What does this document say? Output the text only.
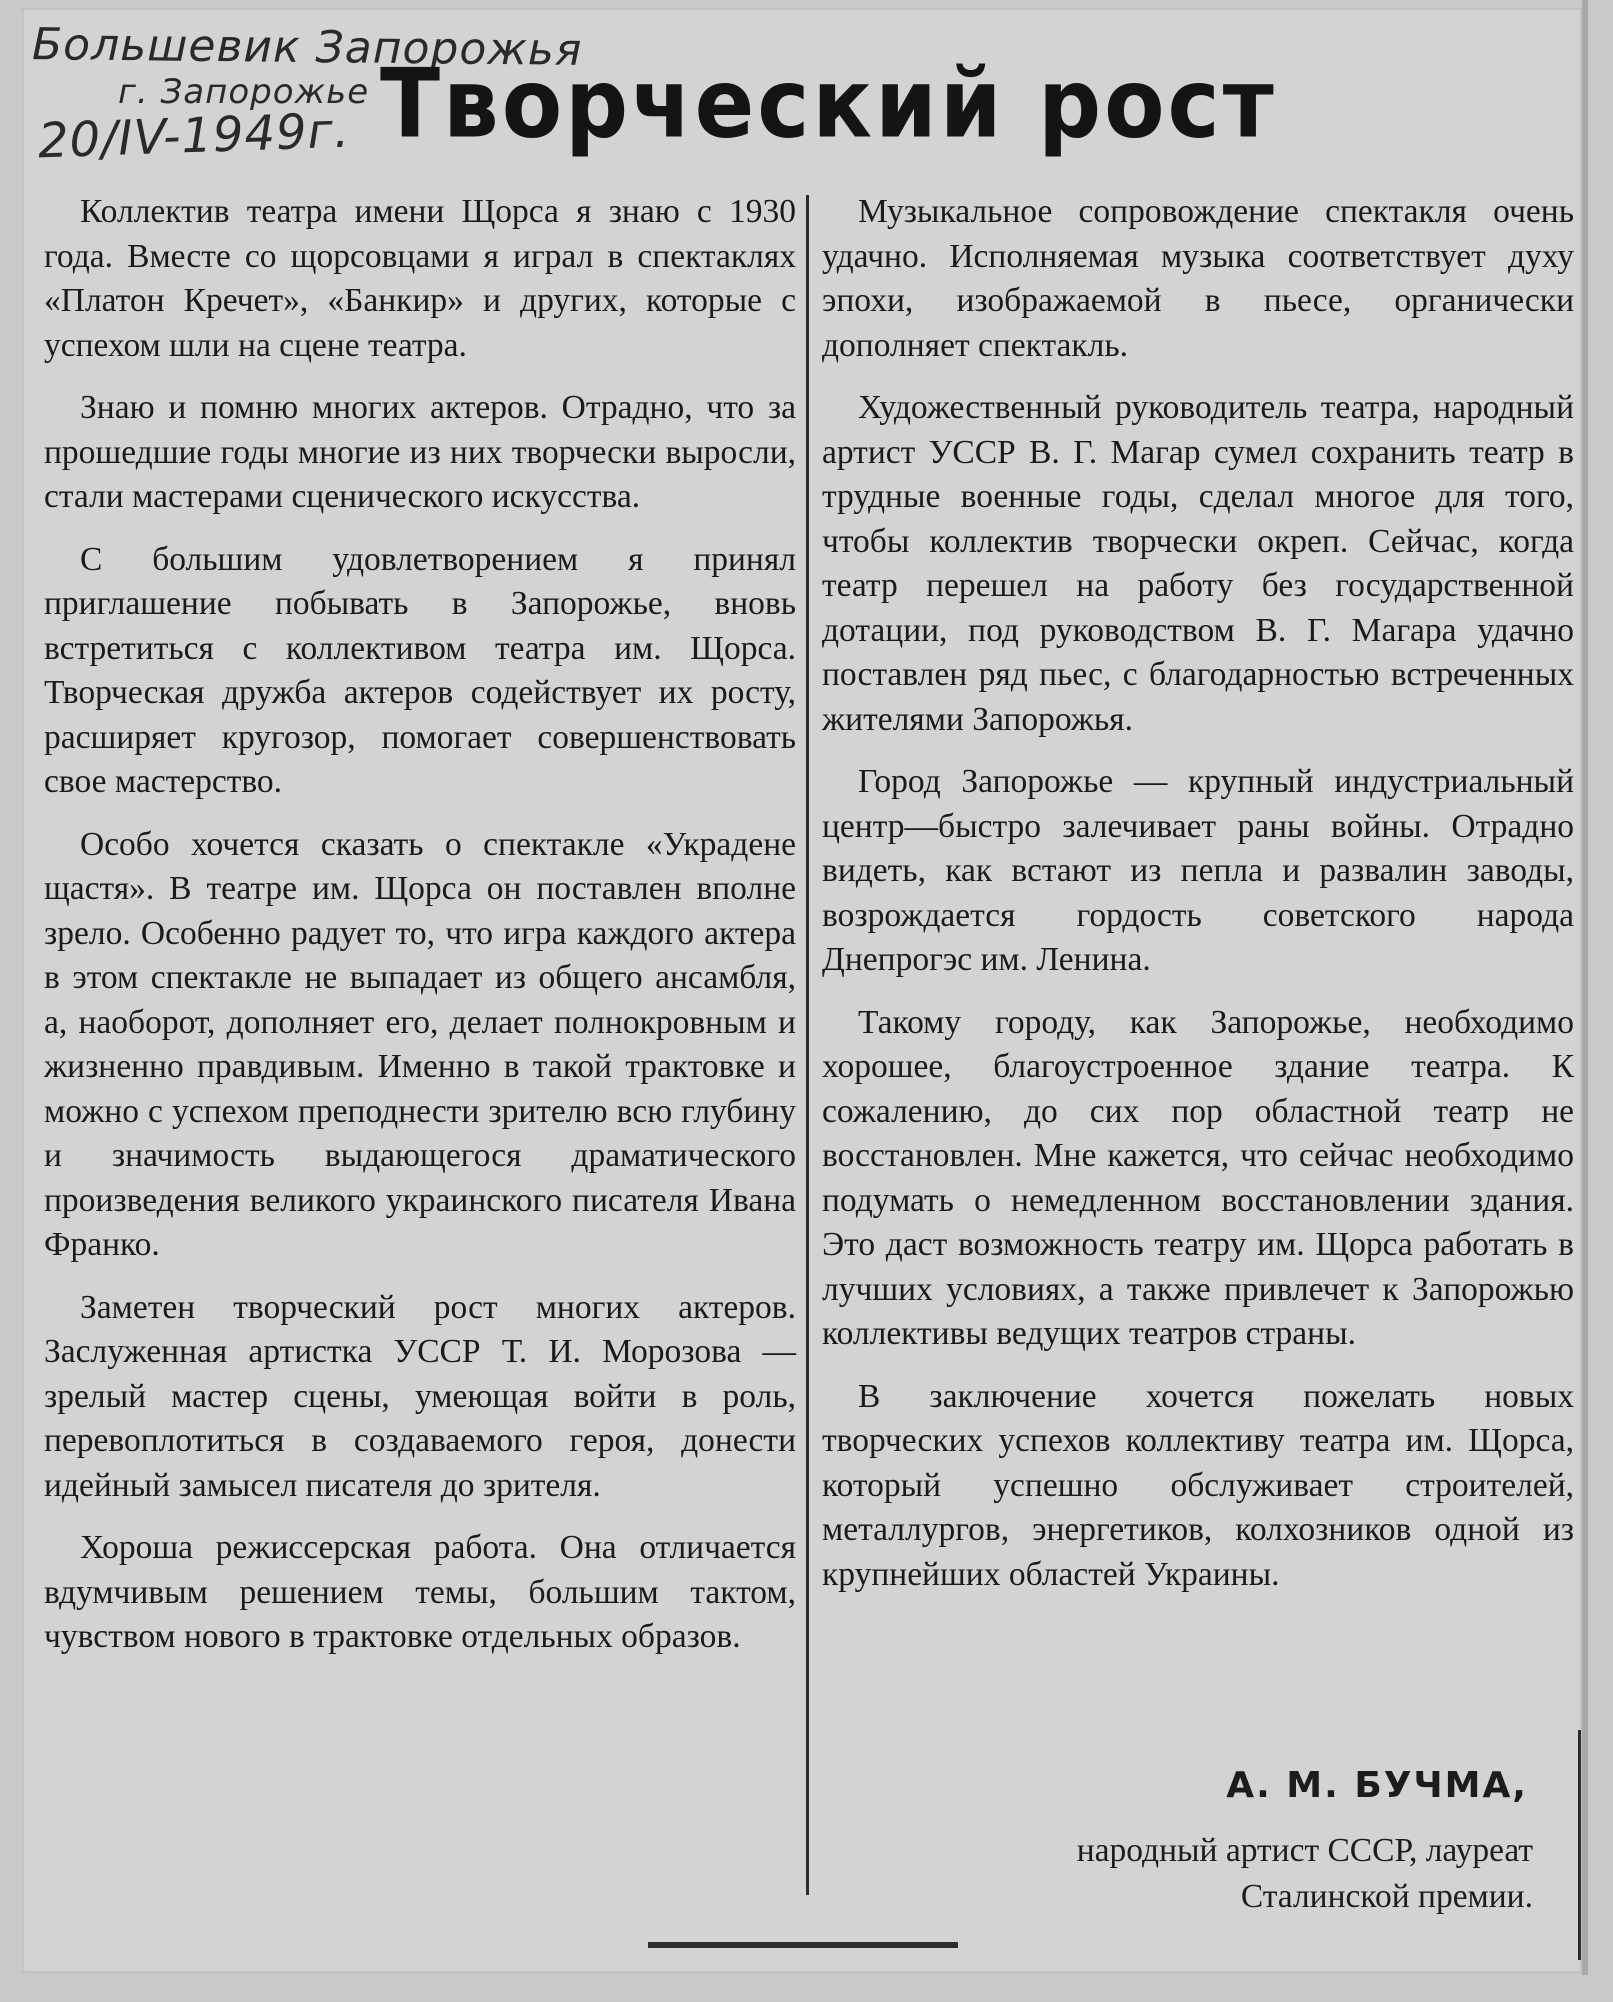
Большевик Запорожья
г. Запорожье
20/IV-1949г. Творческий рост

Коллектив театра имени Щорса я знаю с 1930 года. Вместе со щорсовцами я играл в спектаклях «Платон Кречет», «Банкир» и других, которые с успехом шли на сцене театра.

Знаю и помню многих актеров. Отрадно, что за прошедшие годы многие из них творчески выросли, стали мастерами сценического искусства.

С большим удовлетворением я принял приглашение побывать в Запорожье, вновь встретиться с коллективом театра им. Щорса. Творческая дружба актеров содействует их росту, расширяет кругозор, помогает совершенствовать свое мастерство.

Особо хочется сказать о спектакле «Украдене щастя». В театре им. Щорса он поставлен вполне зрело. Особенно радует то, что игра каждого актера в этом спектакле не выпадает из общего ансамбля, а, наоборот, дополняет его, делает полнокровным и жизненно правдивым. Именно в такой трактовке и можно с успехом преподнести зрителю всю глубину и значимость выдающегося драматического произведения великого украинского писателя Ивана Франко.

Заметен творческий рост многих актеров. Заслуженная артистка УССР Т. И. Морозова — зрелый мастер сцены, умеющая войти в роль, перевоплотиться в создаваемого героя, донести идейный замысел писателя до зрителя.

Хороша режиссерская работа. Она отличается вдумчивым решением темы, большим тактом, чувством нового в трактовке отдельных образов.

Музыкальное сопровождение спектакля очень удачно. Исполняемая музыка соответствует духу эпохи, изображаемой в пьесе, органически дополняет спектакль.

Художественный руководитель театра, народный артист УССР В. Г. Магар сумел сохранить театр в трудные военные годы, сделал многое для того, чтобы коллектив творчески окреп. Сейчас, когда театр перешел на работу без государственной дотации, под руководством В. Г. Магара удачно поставлен ряд пьес, с благодарностью встреченных жителями Запорожья.

Город Запорожье — крупный индустриальный центр—быстро залечивает раны войны. Отрадно видеть, как встают из пепла и развалин заводы, возрождается гордость советского народа Днепрогэс им. Ленина.

Такому городу, как Запорожье, необходимо хорошее, благоустроенное здание театра. К сожалению, до сих пор областной театр не восстановлен. Мне кажется, что сейчас необходимо подумать о немедленном восстановлении здания. Это даст возможность театру им. Щорса работать в лучших условиях, а также привлечет к Запорожью коллективы ведущих театров страны.

В заключение хочется пожелать новых творческих успехов коллективу театра им. Щорса, который успешно обслуживает строителей, металлургов, энергетиков, колхозников одной из крупнейших областей Украины.

А. М. БУЧМА,
народный артист СССР, лауреат
Сталинской премии.
